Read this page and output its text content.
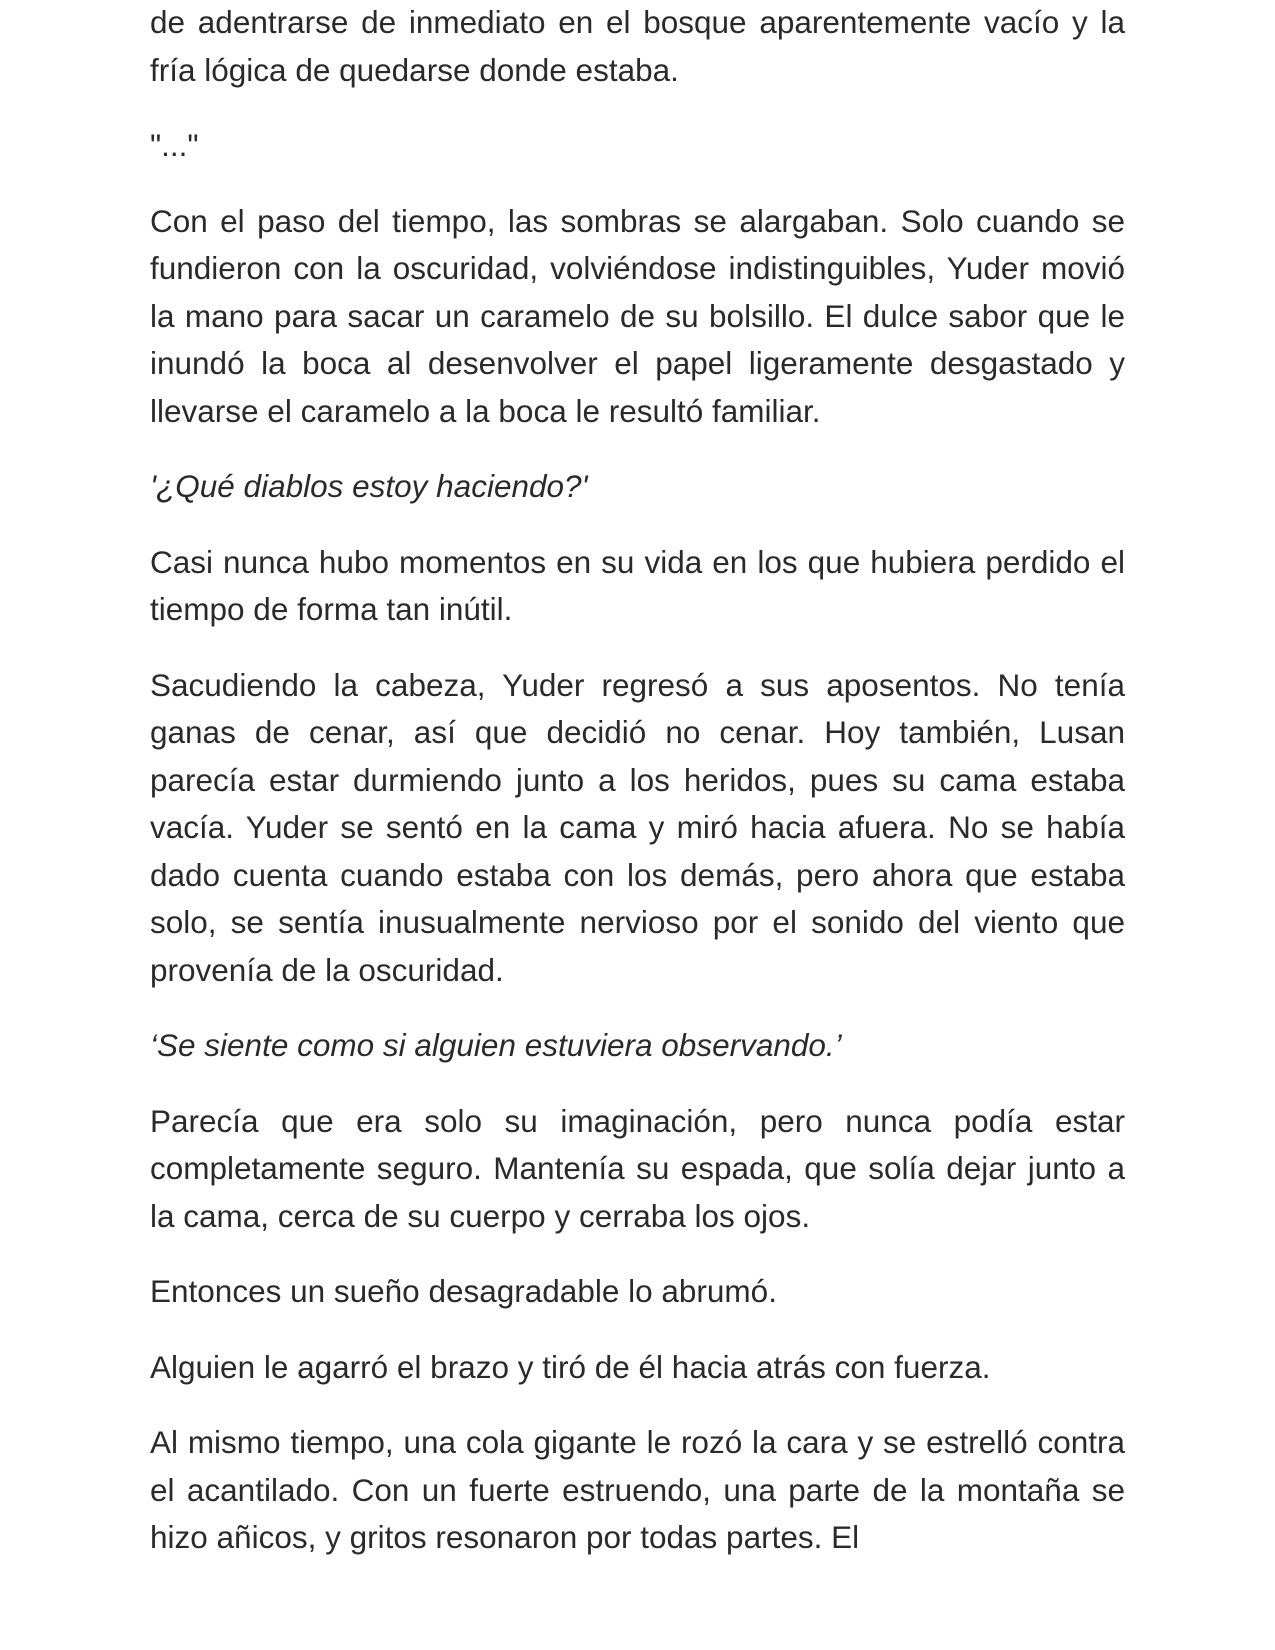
de adentrarse de inmediato en el bosque aparentemente vacío y la fría lógica de quedarse donde estaba.

"..."

Con el paso del tiempo, las sombras se alargaban. Solo cuando se fundieron con la oscuridad, volviéndose indistinguibles, Yuder movió la mano para sacar un caramelo de su bolsillo. El dulce sabor que le inundó la boca al desenvolver el papel ligeramente desgastado y llevarse el caramelo a la boca le resultó familiar.

'¿Qué diablos estoy haciendo?'

Casi nunca hubo momentos en su vida en los que hubiera perdido el tiempo de forma tan inútil.

Sacudiendo la cabeza, Yuder regresó a sus aposentos. No tenía ganas de cenar, así que decidió no cenar. Hoy también, Lusan parecía estar durmiendo junto a los heridos, pues su cama estaba vacía. Yuder se sentó en la cama y miró hacia afuera. No se había dado cuenta cuando estaba con los demás, pero ahora que estaba solo, se sentía inusualmente nervioso por el sonido del viento que provenía de la oscuridad.

‘Se siente como si alguien estuviera observando.’

Parecía que era solo su imaginación, pero nunca podía estar completamente seguro. Mantenía su espada, que solía dejar junto a la cama, cerca de su cuerpo y cerraba los ojos.

Entonces un sueño desagradable lo abrumó.

Alguien le agarró el brazo y tiró de él hacia atrás con fuerza.

Al mismo tiempo, una cola gigante le rozó la cara y se estrelló contra el acantilado. Con un fuerte estruendo, una parte de la montaña se hizo añicos, y gritos resonaron por todas partes. El
